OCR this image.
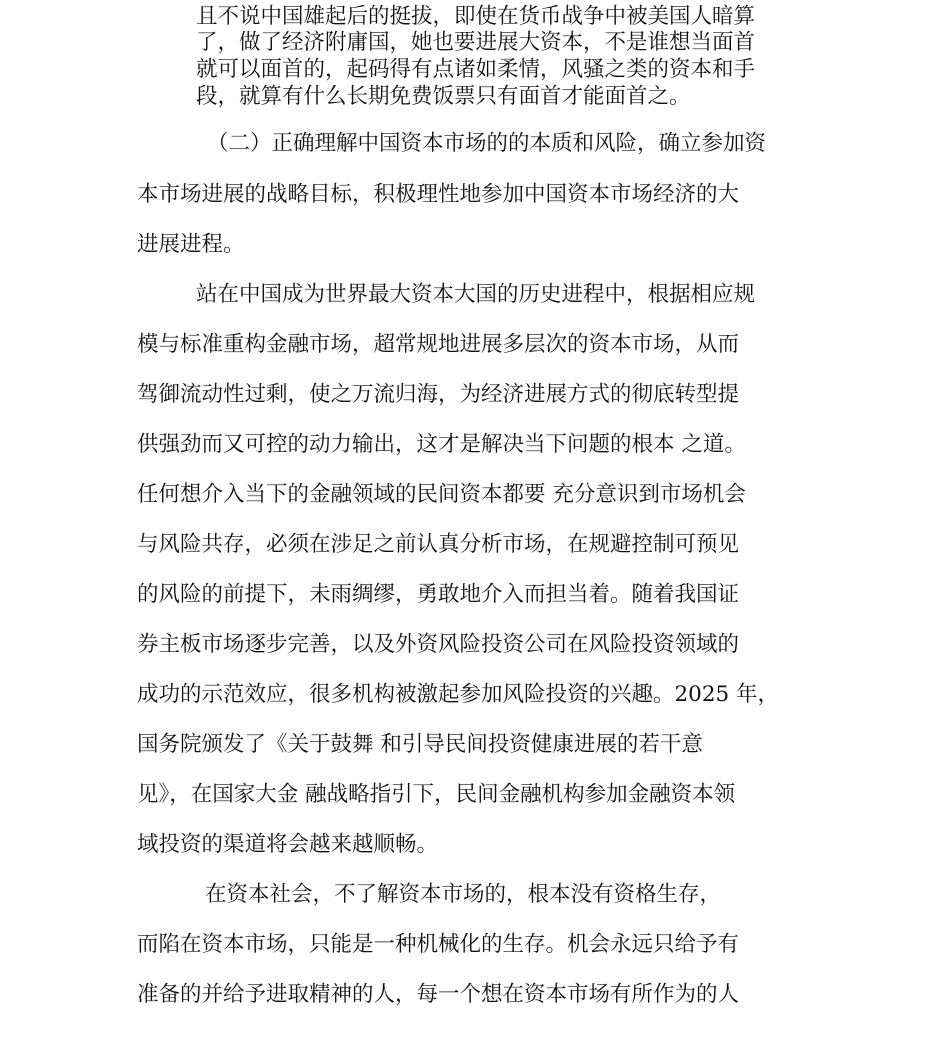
且不说中国雄起后的挺拔，即使在货币战争中被美国人暗算
了，做了经济附庸国，她也要进展大资本，不是谁想当面首
就可以面首的，起码得有点诸如柔情，风骚之类的资本和手
段，就算有什么长期免费饭票只有面首才能面首之。
（二）正确理解中国资本市场的的本质和风险，确立参加资
本市场进展的战略目标，积极理性地参加中国资本市场经济的大
进展进程。
站在中国成为世界最大资本大国的历史进程中，根据相应规
模与标准重构金融市场，超常规地进展多层次的资本市场，从而
驾御流动性过剩，使之万流归海，为经济进展方式的彻底转型提
供强劲而又可控的动力输出，这才是解决当下问题的根本 之道。
任何想介入当下的金融领域的民间资本都要 充分意识到市场机会
与风险共存，必须在涉足之前认真分析市场，在规避控制可预见
的风险的前提下，未雨绸缪，勇敢地介入而担当着。随着我国证
券主板市场逐步完善，以及外资风险投资公司在风险投资领域的
成功的示范效应，很多机构被激起参加风险投资的兴趣。2025 年，
国务院颁发了《关于鼓舞 和引导民间投资健康进展的若干意
见》，在国家大金 融战略指引下，民间金融机构参加金融资本领
域投资的渠道将会越来越顺畅。
在资本社会，不了解资本市场的，根本没有资格生存，
而陷在资本市场，只能是一种机械化的生存。机会永远只给予有
准备的并给予进取精神的人，每一个想在资本市场有所作为的人
